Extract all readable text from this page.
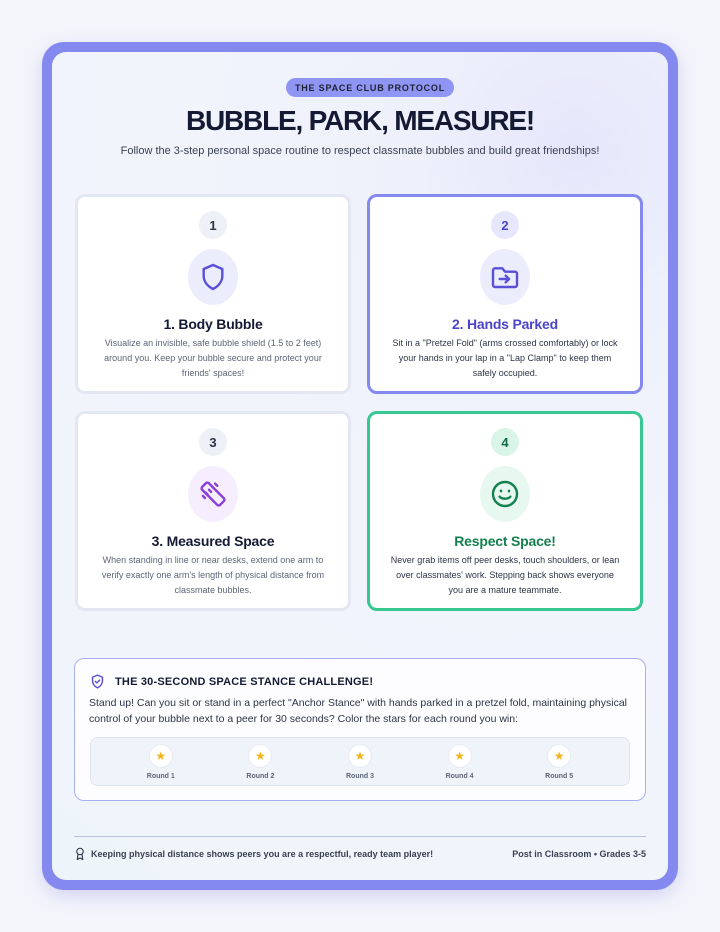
THE SPACE CLUB PROTOCOL
BUBBLE, PARK, MEASURE!
Follow the 3-step personal space routine to respect classmate bubbles and build great friendships!
1
1. Body Bubble
Visualize an invisible, safe bubble shield (1.5 to 2 feet) around you. Keep your bubble secure and protect your friends' spaces!
2
2. Hands Parked
Sit in a "Pretzel Fold" (arms crossed comfortably) or lock your hands in your lap in a "Lap Clamp" to keep them safely occupied.
3
3. Measured Space
When standing in line or near desks, extend one arm to verify exactly one arm's length of physical distance from classmate bubbles.
4
Respect Space!
Never grab items off peer desks, touch shoulders, or lean over classmates' work. Stepping back shows everyone you are a mature teammate.
THE 30-SECOND SPACE STANCE CHALLENGE!
Stand up! Can you sit or stand in a perfect "Anchor Stance" with hands parked in a pretzel fold, maintaining physical control of your bubble next to a peer for 30 seconds? Color the stars for each round you win:
★
Round 1
★
Round 2
★
Round 3
★
Round 4
★
Round 5
Keeping physical distance shows peers you are a respectful, ready team player!	Post in Classroom • Grades 3-5
